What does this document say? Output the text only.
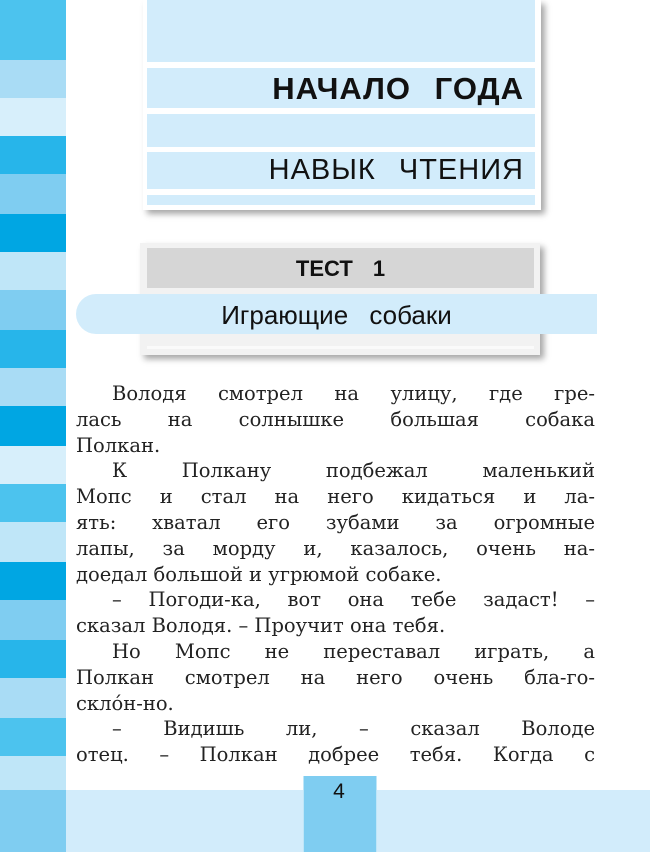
НАЧАЛО ГОДА
НАВЫК ЧТЕНИЯ
ТЕСТ 1
Играющие собаки
Володя смотрел на улицу, где гре-
лась на солнышке большая собака
Полкан.
К Полкану подбежал маленький
Мопс и стал на него кидаться и ла-
ять: хватал его зубами за огромные
лапы, за морду и, казалось, очень на-
доедал большой и угрюмой собаке.
– Погоди-ка, вот она тебе задаст! –
сказал Володя. – Проучит она тебя.
Но Мопс не переставал играть, а
Полкан смотрел на него очень бла-го-
скло́н-но.
– Видишь ли, – сказал Володе
отец. – Полкан добрее тебя. Когда с
4
